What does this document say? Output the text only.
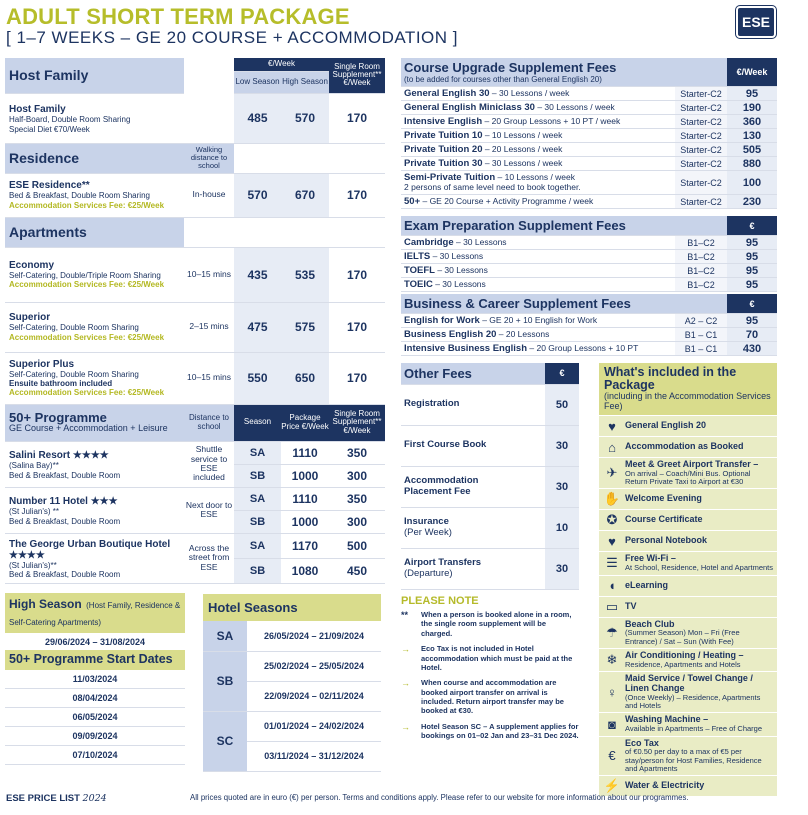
ADULT SHORT TERM PACKAGE
[ 1–7 WEEKS – GE 20 COURSE + ACCOMMODATION ]
ESE
Host Family		€/Week		Single Room Supplement** €/Week
		Low Season	High Season	

Host Family
Half-Board, Double Room Sharing
Special Diet €70/Week		485	570	170
Residence	Walking distance to school			

ESE Residence**
Bed & Breakfast, Double Room Sharing
Accommodation Services Fee: €25/Week	In-house	570	670	170
Apartments				

Economy
Self-Catering, Double/Triple Room Sharing
Accommodation Services Fee: €25/Week	10–15 mins	435	535	170

Superior
Self-Catering, Double Room Sharing
Accommodation Services Fee: €25/Week	2–15 mins	475	575	170

Superior Plus
Self-Catering, Double Room Sharing
Ensuite bathroom included
Accommodation Services Fee: €25/Week	10–15 mins	550	650	170

50+ Programme
GE Course + Accommodation + Leisure	Distance to school	Season	Package Price €/Week	Single Room Supplement** €/Week

Salini Resort ★★★★
(Salina Bay)**
Bed & Breakfast, Double Room	Shuttle service to ESE included	SA	1110	350
		SB	1000	300

Number 11 Hotel ★★★
(St Julian's) **
Bed & Breakfast, Double Room	Next door to ESE	SA	1110	350
		SB	1000	300

The George Urban Boutique Hotel ★★★★
(St Julian's)**
Bed & Breakfast, Double Room	Across the street from ESE	SA	1170	500
		SB	1080	450
High Season (Host Family, Residence & Self-Catering Apartments)
29/06/2024 – 31/08/2024
50+ Programme Start Dates
11/03/2024
08/04/2024
06/05/2024
09/09/2024
07/10/2024
Hotel Seasons
SA	26/05/2024 – 21/09/2024
SB	25/02/2024 – 25/05/2024
	22/09/2024 – 02/11/2024
SC	01/01/2024 – 24/02/2024
	03/11/2024 – 31/12/2024
Course Upgrade Supplement Fees
(to be added for courses other than General English 20)		€/Week
General English 30 – 30 Lessons / week	Starter-C2	95
General English Miniclass 30 – 30 Lessons / week	Starter-C2	190
Intensive English – 20 Group Lessons + 10 PT / week	Starter-C2	360
Private Tuition 10 – 10 Lessons / week	Starter-C2	130
Private Tuition 20 – 20 Lessons / week	Starter-C2	505
Private Tuition 30 – 30 Lessons / week	Starter-C2	880
Semi-Private Tuition – 10 Lessons / week
2 persons of same level need to book together.	Starter-C2	100
50+ – GE 20 Course + Activity Programme / week	Starter-C2	230
Exam Preparation Supplement Fees		€
Cambridge – 30 Lessons	B1–C2	95
IELTS – 30 Lessons	B1–C2	95
TOEFL – 30 Lessons	B1–C2	95
TOEIC – 30 Lessons	B1–C2	95
Business & Career Supplement Fees		€
English for Work – GE 20 + 10 English for Work	A2 – C2	95
Business English 20 – 20 Lessons	B1 – C1	70
Intensive Business English – 20 Group Lessons + 10 PT	B1 – C1	430
Other Fees	€

Registration	50

First Course Book	30

Accommodation Placement Fee	30

Insurance
(Per Week)	10

Airport Transfers
(Departure)	30
PLEASE NOTE
**	When a person is booked alone in a room, the single room supplement will be charged.
→	Eco Tax is not included in Hotel accommodation which must be paid at the Hotel.
→	When course and accommodation are booked airport transfer on arrival is included. Return airport transfer may be booked at €30.
→	Hotel Season SC – A supplement applies for bookings on 01–02 Jan and 23–31 Dec 2024.
What's included in the Package
(including in the Accommodation Services Fee)
♥	General English 20
⌂	Accommodation as Booked
✈
Meet & Greet Airport Transfer –
On arrival – Coach/Mini Bus. Optional Return Private Taxi to Airport at €30
✋ Welcome Evening
✪ Course Certificate
♥	Personal Notebook
☰ Free Wi-Fi –
At School, Residence, Hotel and Apartments
◖	eLearning
▭ TV
☂
Beach Club
(Summer Season) Mon – Fri (Free Entrance) / Sat – Sun (With Fee)
❄ Air Conditioning / Heating –
Residence, Apartments and Hotels
♀
Maid Service / Towel Change / Linen Change
(Once Weekly) – Residence, Apartments and Hotels
◙	Washing Machine –
Available in Apartments – Free of Charge
€
Eco Tax
of €0.50 per day to a max of €5 per stay/person for Host Families, Residence and Apartments
⚡ Water & Electricity
ESE PRICE LIST 2024	All prices quoted are in euro (€) per person. Terms and conditions apply. Please refer to our website for more information about our programmes.
